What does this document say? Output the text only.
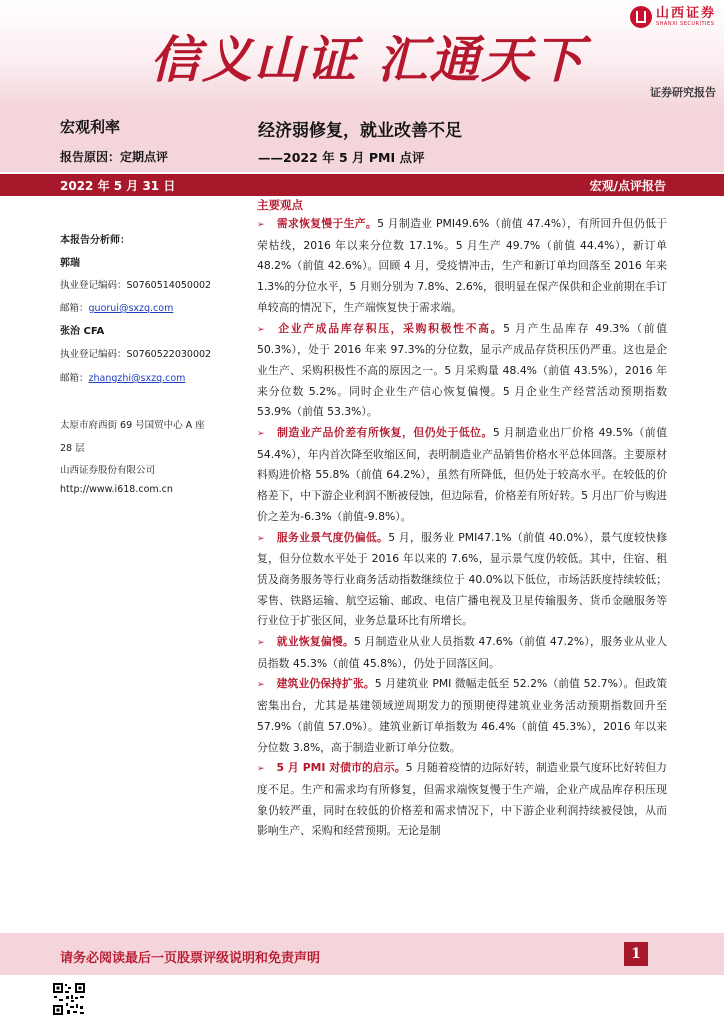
信义山证 汇通天下
山西证券
SHANXI SECURITIES
证券研究报告
宏观利率
报告原因：定期点评
经济弱修复，就业改善不足
——2022 年 5 月 PMI 点评
2022 年 5 月 31 日	宏观/点评报告
本报告分析师：
郭瑞
执业登记编码：S0760514050002
邮箱：guorui@sxzq.com
张治 CFA
执业登记编码：S0760522030002
邮箱：zhangzhi@sxzq.com
太原市府西街 69 号国贸中心 A 座
28 层
山西证券股份有限公司
http://www.i618.com.cn
主要观点
➢ 需求恢复慢于生产。5 月制造业 PMI49.6%（前值 47.4%），有所回升但仍低于荣枯线，2016 年以来分位数 17.1%。5 月生产 49.7%（前值 44.4%），新订单 48.2%（前值 42.6%）。回顾 4 月，受疫情冲击，生产和新订单均回落至 2016 年来 1.3%的分位水平，5 月则分别为 7.8%、2.6%，很明显在保产保供和企业前期在手订单较高的情况下，生产端恢复快于需求端。
➢ 企业产成品库存积压，采购积极性不高。5 月产生品库存 49.3%（前值 50.3%），处于 2016 年来 97.3%的分位数，显示产成品存货积压仍严重。这也是企业生产、采购积极性不高的原因之一。5 月采购量 48.4%（前值 43.5%），2016 年来分位数 5.2%。同时企业生产信心恢复偏慢。5 月企业生产经营活动预期指数 53.9%（前值 53.3%）。
➢ 制造业产品价差有所恢复，但仍处于低位。5 月制造业出厂价格 49.5%（前值 54.4%），年内首次降至收缩区间，表明制造业产品销售价格水平总体回落。主要原材料购进价格 55.8%（前值 64.2%），虽然有所降低，但仍处于较高水平。在较低的价格差下，中下游企业利润不断被侵蚀，但边际看，价格差有所好转。5 月出厂价与购进价之差为-6.3%（前值-9.8%）。
➢ 服务业景气度仍偏低。5 月，服务业 PMI47.1%（前值 40.0%），景气度较快修复，但分位数水平处于 2016 年以来的 7.6%，显示景气度仍较低。其中，住宿、租赁及商务服务等行业商务活动指数继续位于 40.0%以下低位，市场活跃度持续较低；零售、铁路运输、航空运输、邮政、电信广播电视及卫星传输服务、货币金融服务等行业位于扩张区间，业务总量环比有所增长。
➢ 就业恢复偏慢。5 月制造业从业人员指数 47.6%（前值 47.2%），服务业从业人员指数 45.3%（前值 45.8%），仍处于回落区间。
➢ 建筑业仍保持扩张。5 月建筑业 PMI 微幅走低至 52.2%（前值 52.7%）。但政策密集出台，尤其是基建领域逆周期发力的预期使得建筑业业务活动预期指数回升至 57.9%（前值 57.0%）。建筑业新订单指数为 46.4%（前值 45.3%），2016 年以来分位数 3.8%，高于制造业新订单分位数。
➢ 5 月 PMI 对债市的启示。5 月随着疫情的边际好转，制造业景气度环比好转但力度不足。生产和需求均有所修复，但需求端恢复慢于生产端，企业产成品库存积压现象仍较严重，同时在较低的价格差和需求情况下，中下游企业利润持续被侵蚀，从而影响生产、采购和经营预期。无论是制
请务必阅读最后一页股票评级说明和免责声明	1
